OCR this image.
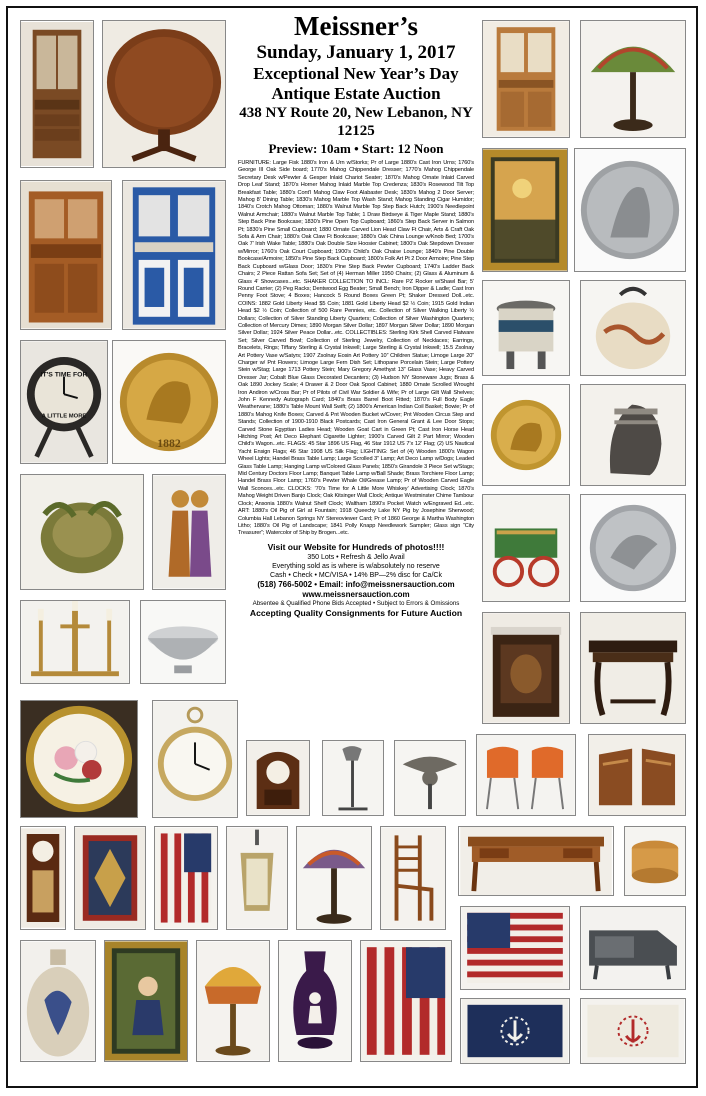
IT'S TIME FOR
A LITTLE MORE
1882
Meissner’s
Sunday, January 1, 2017
Exceptional New Year’s Day
Antique Estate Auction
438 NY Route 20, New Lebanon, NY 12125
Preview: 10am • Start: 12 Noon
FURNITURE: Large Fisk 1880’s Iron & Urn w/Storks; Pr of Large 1880’s Cast Iron Urns; 1760’s George III Oak Side board; 1770’s Mahog Chippendale Dresser; 1770’s Mahog Chippendale Secretary Desk w/Pewter & Gesper Inlaid Chariot Seater; 1870’s Mahog Ornate Inlaid Carved Drop Leaf Stand; 1870’s Horner Mahog Inlaid Marble Top Credenza; 1830’s Rosewood Tilt Top Breakfast Table; 1880’s Cont’l Mahog Claw Foot Alabaster Desk; 1830’s Mahog 2 Door Server; Mahog 8’ Dining Table; 1830’s Mahog Marble Top Wash Stand; Mahog Standing Cigar Humidor; 1840’s Crotch Mahog Ottoman; 1880’s Walnut Marble Top Step Back Hutch; 1900’s Needlepoint Walnut Armchair; 1880’s Walnut Marble Top Table; 1 Draw Birdseye & Tiger Maple Stand; 1880’s Step Back Pine Bookcase; 1830’s Pine Open Top Cupboard; 1860’s Step Back Server in Salmon Pt; 1830’s Pine Small Cupboard; 1880 Ornate Carved Lion Head Claw Ft Chair, Arts & Craft Oak Sofa & Arm Chair; 1880’s Oak Claw Ft Bookcase; 1880’s Oak China Lounge w/Knob Bed; 1700’s Oak 7’ Irish Wake Table; 1880’s Oak Double Size Hoosier Cabinet; 1800’s Oak Stepdown Dresser w/Mirror; 1760’s Oak Court Cupboard; 1900’s Child’s Oak Chaise Lounge; 1840’s Pine Double Bookcase/Armoire; 1850’s Pine Step Back Cupboard; 1800’s Folk Art Pt 2 Door Armoire; Pine Step Back Cupboard w/Glass Door; 1830’s Pine Step Back Pewter Cupboard; 1740’s Ladder Back Chairs; 2 Piece Rattan Sofa Set; Set of (4) Herman Miller 1950 Chairs; (2) Glass & Aluminum & Glass 4’ Showcases...etc. SHAKER COLLECTION TO INCL: Rare PZ Rocker w/Shawl Bar; 5’ Round Carrier; (2) Peg Racks; Dentwood Egg Beater; Small Bench; Iron Dipper & Ladle; Cast Iron Penny Foot Stove; 4 Boxes; Hancock 5 Round Boxes Green Pt; Shaker Dressed Doll...etc. COINS: 1882 Gold Liberty Head $5 Coin; 1881 Gold Liberty Head $2 ½ Coin; 1915 Gold Indian Head $2 ½ Coin; Collection of 500 Rare Pennies, etc. Collection of Silver Walking Liberty ½ Dollars; Collection of Silver Standing Liberty Quarters; Collection of Silver Washington Quarters; Collection of Mercury Dimes; 1890 Morgan Silver Dollar; 1897 Morgan Silver Dollar; 1890 Morgan Silver Dollar; 1924 Silver Peace Dollar...etc. COLLECTIBLES: Sterling Kirk Shell Carved Flatware Set; Silver Carved Bowl; Collection of Sterling Jewelry, Collection of Necklaces; Earrings, Bracelets, Rings; Tiffany Sterling & Crystal Inkwell; Large Sterling & Crystal Inkwell; 15.5 Zsolnay Art Pottery Vase w/Satyrs; 1907 Zsolnay Eosin Art Pottery 10” Children Statue; Limoge Large 20” Charger w/ Pnt Flowers; Limoge Large Fern Dish Set; Lithopane Porcelain Stein; Large Pottery Stein w/Stag; Large 1713 Pottery Stein; Mary Gregory Amethyst 13” Glass Vase; Heavy Carved Dresser Jar; Cobalt Blue Glass Decorated Decanters; (3) Hudson NY Stoneware Jugs; Brass & Oak 1890 Jockey Scale; 4 Drawer & 2 Door Oak Spool Cabinet; 1880 Ornate Scrolled Wrought Iron Andiron w/Cross Bar; Pr of Pilots of Civil War Soldier & Wife; Pr of Large Gilt Wall Shelves; John F Kennedy Autograph Card; 1840’s Brass Barrel Boot Fitted; 1870’s Full Body Eagle Weathervane; 1880’s Table Mount Wall Swift; (2) 1800’s American Indian Coil Basket; Bowie; Pr of 1880’s Mahog Knife Boxes; Carved & Pnt Wooden Bucket w/Cover; Pnt Wooden Circus Step and Stands; Collection of 1900-1910 Black Postcards; Cast Iron General Grant & Lee Door Stops; Carved Stone Egyptian Ladies Head; Wooden Goat Cart in Green Pt; Cast Iron Horse Head Hitching Post; Art Deco Elephant Cigarette Lighter; 1900’s Carved Gilt 2 Part Mirror; Wooden Child’s Wagon...etc. FLAGS: 45 Star 1896 US Flag, 46 Star 1912 US 7’x 12’ Flag; (2) US Nautical Yacht Ensign Flags; 46 Star 1908 US Silk Flag; LIGHTING: Set of (4) Wooden 1800’s Wagon Wheel Lights; Handel Brass Table Lamp; Large Scrolled 3” Lamp; Art Deco Lamp w/Dogs; Leaded Glass Table Lamp; Hanging Lamp w/Colored Glass Panels; 1850’s Girandole 3 Piece Set w/Stags; Mid Century Doctors Floor Lamp; Banquet Table Lamp w/Ball Shade; Brass Torchiere Floor Lamp; Handel Brass Floor Lamp; 1760’s Pewter Whale Oil/Grease Lamp; Pr of Wooden Carved Eagle Wall Sconces...etc. CLOCKS: ’70’s Time for A Little More Whiskey’ Advertising Clock; 1870’s Mahog Weight Driven Banjo Clock; Oak Kitsinger Wall Clock; Antique Westminster Chime Tambour Clock; Ansonia 1880’s Walnut Shelf Clock; Waltham 1890’s Pocket Watch w/Engraved Ed...etc. ART: 1880’s Oil Pig of Girl at Fountain; 1918 Queechy Lake NY Pig by Josephine Sherwood; Columbia Hall Lebanon Springs NY Stereoviewer Card; Pr of 1860 George & Martha Washington Litho; 1880’s Oil Pig of Landscape; 1841 Polly Knapp Needlework Sampler; Glass sign “City Treasurer”; Watercolor of Ship by Brogen...etc.
Visit our Website for Hundreds of photos!!!!
350 Lots • Refresh & Jello Avail
Everything sold as is where is w/absolutely no reserve
Cash • Check • MC/VISA • 14% BP—2% disc for Ca/Ck
(518) 766-5002 • Email: info@meissnersauction.com
www.meissnersauction.com
Absentee & Qualified Phone Bids Accepted • Subject to Errors & Omissions
Accepting Quality Consignments for Future Auction
